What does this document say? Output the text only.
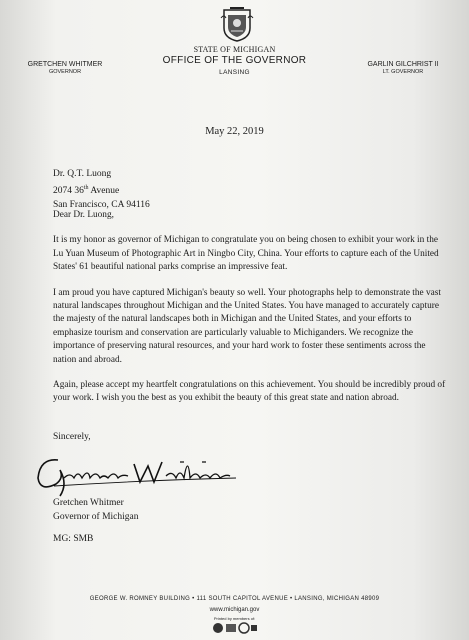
STATE OF MICHIGAN
OFFICE OF THE GOVERNOR
LANSING
GRETCHEN WHITMER
GOVERNOR
GARLIN GILCHRIST II
LT. GOVERNOR
May 22, 2019
Dr. Q.T. Luong
2074 36th Avenue
San Francisco, CA 94116

Dear Dr. Luong,

It is my honor as governor of Michigan to congratulate you on being chosen to exhibit your work in the Lu Yuan Museum of Photographic Art in Ningbo City, China. Your efforts to capture each of the United States' 61 beautiful national parks comprise an impressive feat.

I am proud you have captured Michigan's beauty so well. Your photographs help to demonstrate the vast natural landscapes throughout Michigan and the United States. You have managed to accurately capture the majesty of the natural landscapes both in Michigan and the United States, and your efforts to emphasize tourism and conservation are particularly valuable to Michiganders. We recognize the importance of preserving natural resources, and your hard work to foster these sentiments across the nation and abroad.

Again, please accept my heartfelt congratulations on this achievement. You should be incredibly proud of your work. I wish you the best as you exhibit the beauty of this great state and nation abroad.

Sincerely,
Gretchen Whitmer
Governor of Michigan
MG: SMB
GEORGE W. ROMNEY BUILDING • 111 SOUTH CAPITOL AVENUE • LANSING, MICHIGAN 48909
www.michigan.gov
Printed by members of:
